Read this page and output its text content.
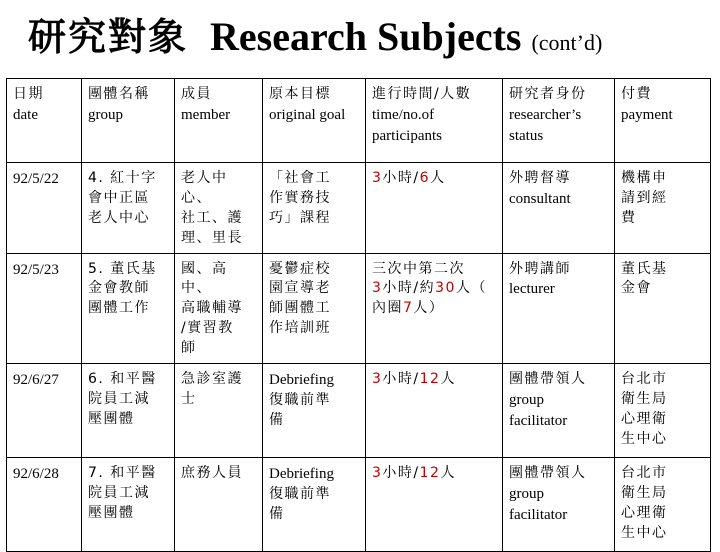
研究對象 Research Subjects (cont’d)
日期
date	團體名稱
group	成員
member	原本目標
original goal	進行時間/人數
time/no.of participants	研究者身份
researcher’s status	付費
payment

92/5/22	4. 紅十字
會中正區
老人中心	老人中心、
社工、護
理、里長	「社會工
作實務技
巧」課程	3小時/6人	外聘督導
consultant	機構申
請到經
費

92/5/23	5. 董氏基
金會教師
團體工作	國、高中、
高職輔導
/實習教
師	憂鬱症校
園宣導老
師團體工
作培訓班	三次中第二次
3小時/約30人（
內圈7人）	外聘講師
lecturer	董氏基
金會

92/6/27	6. 和平醫
院員工減
壓團體	急診室護
士	Debriefing
復職前準
備	3小時/12人	團體帶領人
group
facilitator	台北市
衛生局
心理衛
生中心

92/6/28	7. 和平醫
院員工減
壓團體	庶務人員	Debriefing
復職前準
備	3小時/12人	團體帶領人
group
facilitator	台北市
衛生局
心理衛
生中心
